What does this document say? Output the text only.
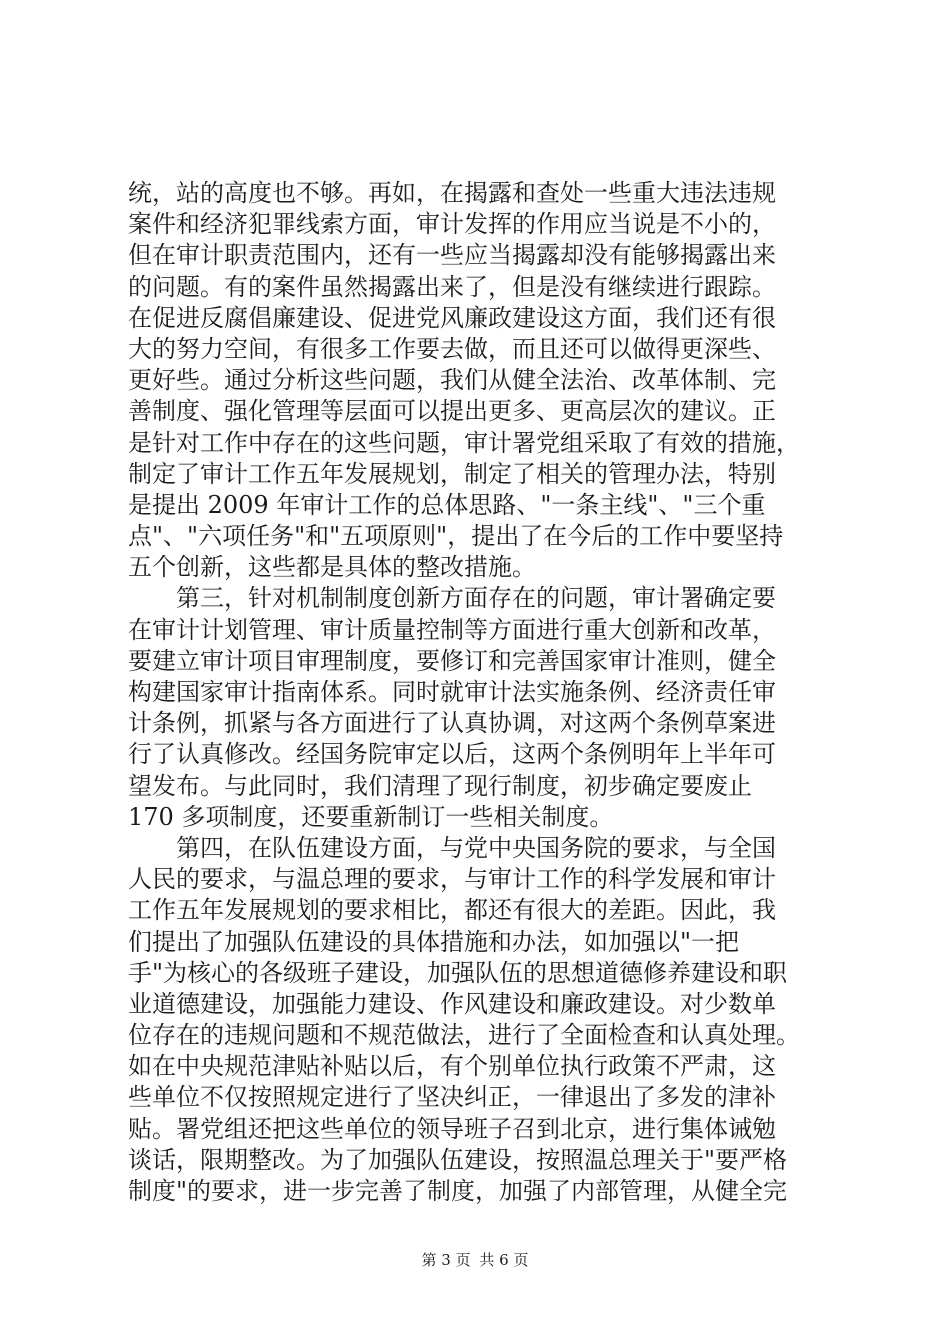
统，站的高度也不够。再如，在揭露和查处一些重大违法违规
案件和经济犯罪线索方面，审计发挥的作用应当说是不小的，
但在审计职责范围内，还有一些应当揭露却没有能够揭露出来
的问题。有的案件虽然揭露出来了，但是没有继续进行跟踪。
在促进反腐倡廉建设、促进党风廉政建设这方面，我们还有很
大的努力空间，有很多工作要去做，而且还可以做得更深些、
更好些。通过分析这些问题，我们从健全法治、改革体制、完
善制度、强化管理等层面可以提出更多、更高层次的建议。正
是针对工作中存在的这些问题，审计署党组采取了有效的措施，
制定了审计工作五年发展规划，制定了相关的管理办法，特别
是提出 2009 年审计工作的总体思路、"一条主线"、"三个重
点"、"六项任务"和"五项原则"，提出了在今后的工作中要坚持
五个创新，这些都是具体的整改措施。
　　第三，针对机制制度创新方面存在的问题，审计署确定要
在审计计划管理、审计质量控制等方面进行重大创新和改革，
要建立审计项目审理制度，要修订和完善国家审计准则，健全
构建国家审计指南体系。同时就审计法实施条例、经济责任审
计条例，抓紧与各方面进行了认真协调，对这两个条例草案进
行了认真修改。经国务院审定以后，这两个条例明年上半年可
望发布。与此同时，我们清理了现行制度，初步确定要废止
170 多项制度，还要重新制订一些相关制度。
　　第四，在队伍建设方面，与党中央国务院的要求，与全国
人民的要求，与温总理的要求，与审计工作的科学发展和审计
工作五年发展规划的要求相比，都还有很大的差距。因此，我
们提出了加强队伍建设的具体措施和办法，如加强以"一把
手"为核心的各级班子建设，加强队伍的思想道德修养建设和职
业道德建设，加强能力建设、作风建设和廉政建设。对少数单
位存在的违规问题和不规范做法，进行了全面检查和认真处理。
如在中央规范津贴补贴以后，有个别单位执行政策不严肃，这
些单位不仅按照规定进行了坚决纠正，一律退出了多发的津补
贴。署党组还把这些单位的领导班子召到北京，进行集体诫勉
谈话，限期整改。为了加强队伍建设，按照温总理关于"要严格
制度"的要求，进一步完善了制度，加强了内部管理，从健全完
第 3 页 共 6 页
